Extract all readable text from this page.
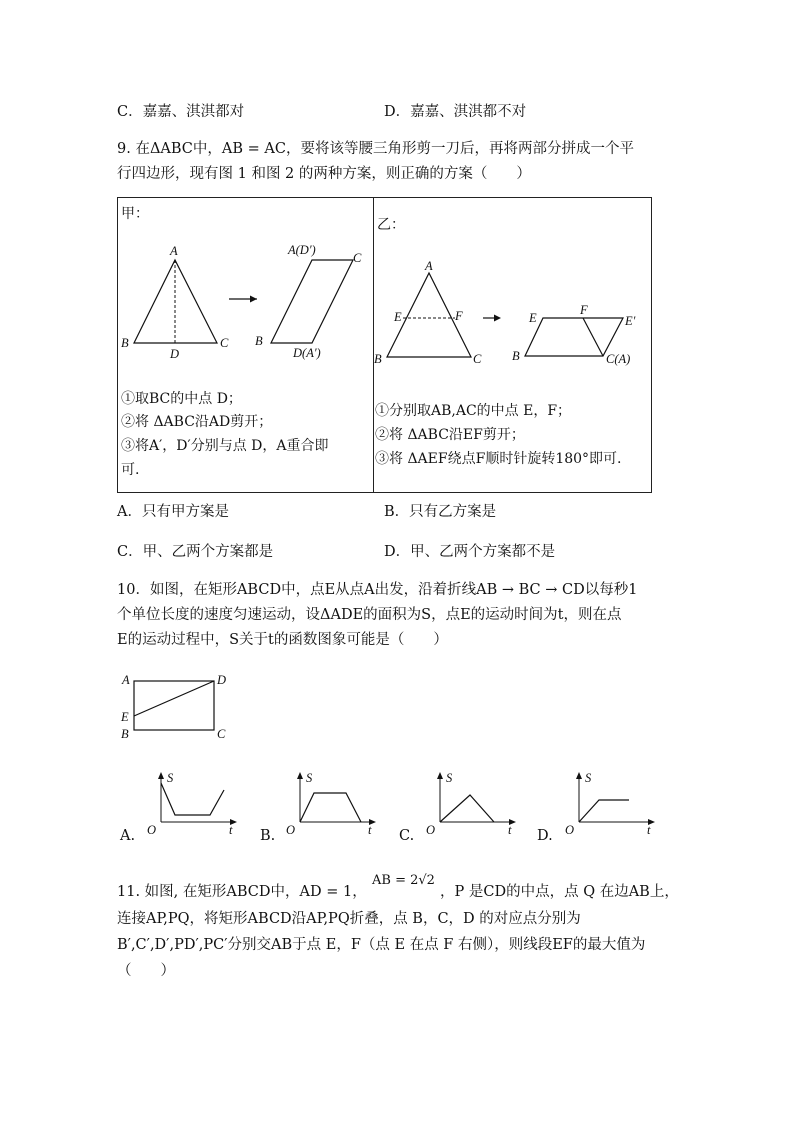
C．嘉嘉、淇淇都对	D．嘉嘉、淇淇都不对
9. 在ΔABC中，AB = AC，要将该等腰三角形剪一刀后，再将两部分拼成一个平
行四边形，现有图 1 和图 2 的两种方案，则正确的方案（　　）
甲：
乙：
A
B	C
D
A(D′)
C
B
D(A′)
①取BC的中点 D；
②将 ΔABC沿AD剪开；
③将A′，D′分别与点 D，A重合即
可.
A
E	F
B	C
E
F
E′
B	C(A)
①分别取AB,AC的中点 E，F；
②将 ΔABC沿EF剪开；
③将 ΔAEF绕点F顺时针旋转180°即可.
A．只有甲方案是	B．只有乙方案是
C．甲、乙两个方案都是	D．甲、乙两个方案都不是
10．如图，在矩形ABCD中，点E从点A出发，沿着折线AB → BC → CD以每秒1
个单位长度的速度匀速运动，设ΔADE的面积为S，点E的运动时间为t，则在点
E的运动过程中，S关于t的函数图象可能是（　　）
A	D
E
B	C
S
O	t
A.
S
O	t
B.
S
O	t
C.
S
O	t
D.
11. 如图, 在矩形ABCD中，AD = 1，
AB = 2√2
，P 是CD的中点，点 Q 在边AB上，
连接AP,PQ，将矩形ABCD沿AP,PQ折叠，点 B，C，D 的对应点分别为
B′,C′,D′,PD′,PC′分别交AB于点 E，F（点 E 在点 F 右侧），则线段EF的最大值为
（　　）
